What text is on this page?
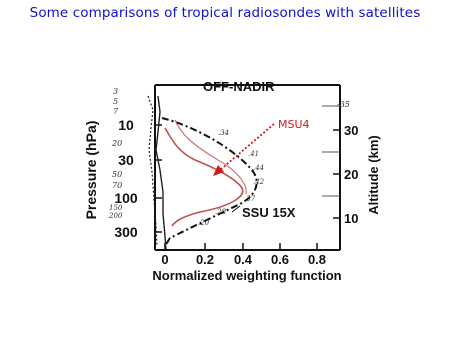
Some comparisons of tropical radiosondes with satellites
OFF-NADIR
10
30
100
300
30
20
10
0 0.2 0.4 0.6 0.8
Normalized weighting function
Pressure (hPa)	Altitude (km)
3
5
7
20
50
70
150
200
-35
.34
.41
.44
.42
.37
.28
.20
SSU 15X
MSU4
